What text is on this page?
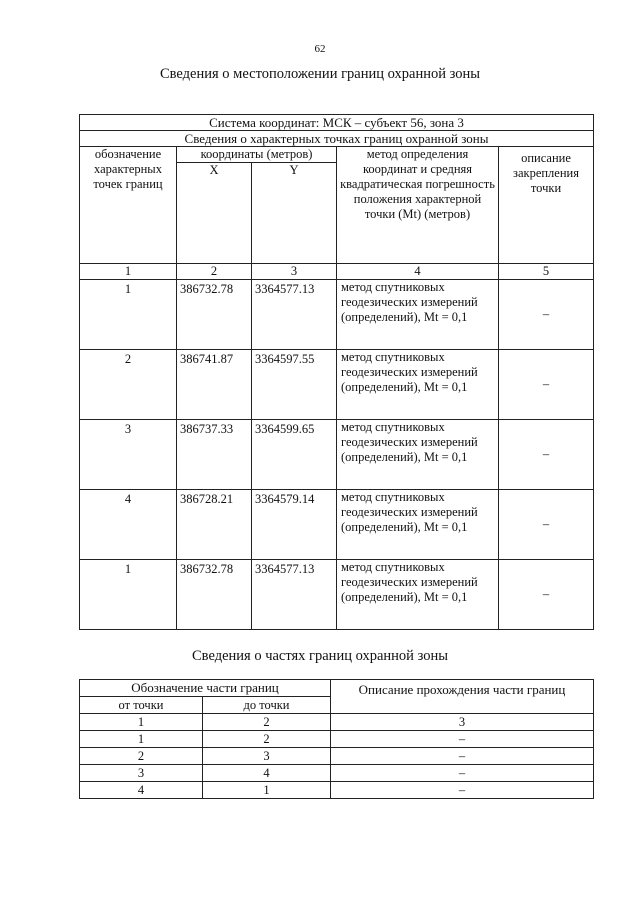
62
Сведения о местоположении границ охранной зоны
Система координат: МСК – субъект 56, зона 3				
Сведения о характерных точках границ охранной зоны				
обозначение характерных точек границ	координаты (метров)		метод определения координат и средняя квадратическая погрешность положения характерной точки (Mt) (метров)	описание закрепления точки
	X	Y		
1	2	3	4	5
1	386732.78	3364577.13	метод спутниковых геодезических измерений (определений), Mt = 0,1	–
2	386741.87	3364597.55	метод спутниковых геодезических измерений (определений), Mt = 0,1	–
3	386737.33	3364599.65	метод спутниковых геодезических измерений (определений), Mt = 0,1	–
4	386728.21	3364579.14	метод спутниковых геодезических измерений (определений), Mt = 0,1	–
1	386732.78	3364577.13	метод спутниковых геодезических измерений (определений), Mt = 0,1	–
Сведения о частях границ охранной зоны
Обозначение части границ		Описание прохождения части границ
от точки	до точки	
1	2	3
1	2	–
2	3	–
3	4	–
4	1	–
